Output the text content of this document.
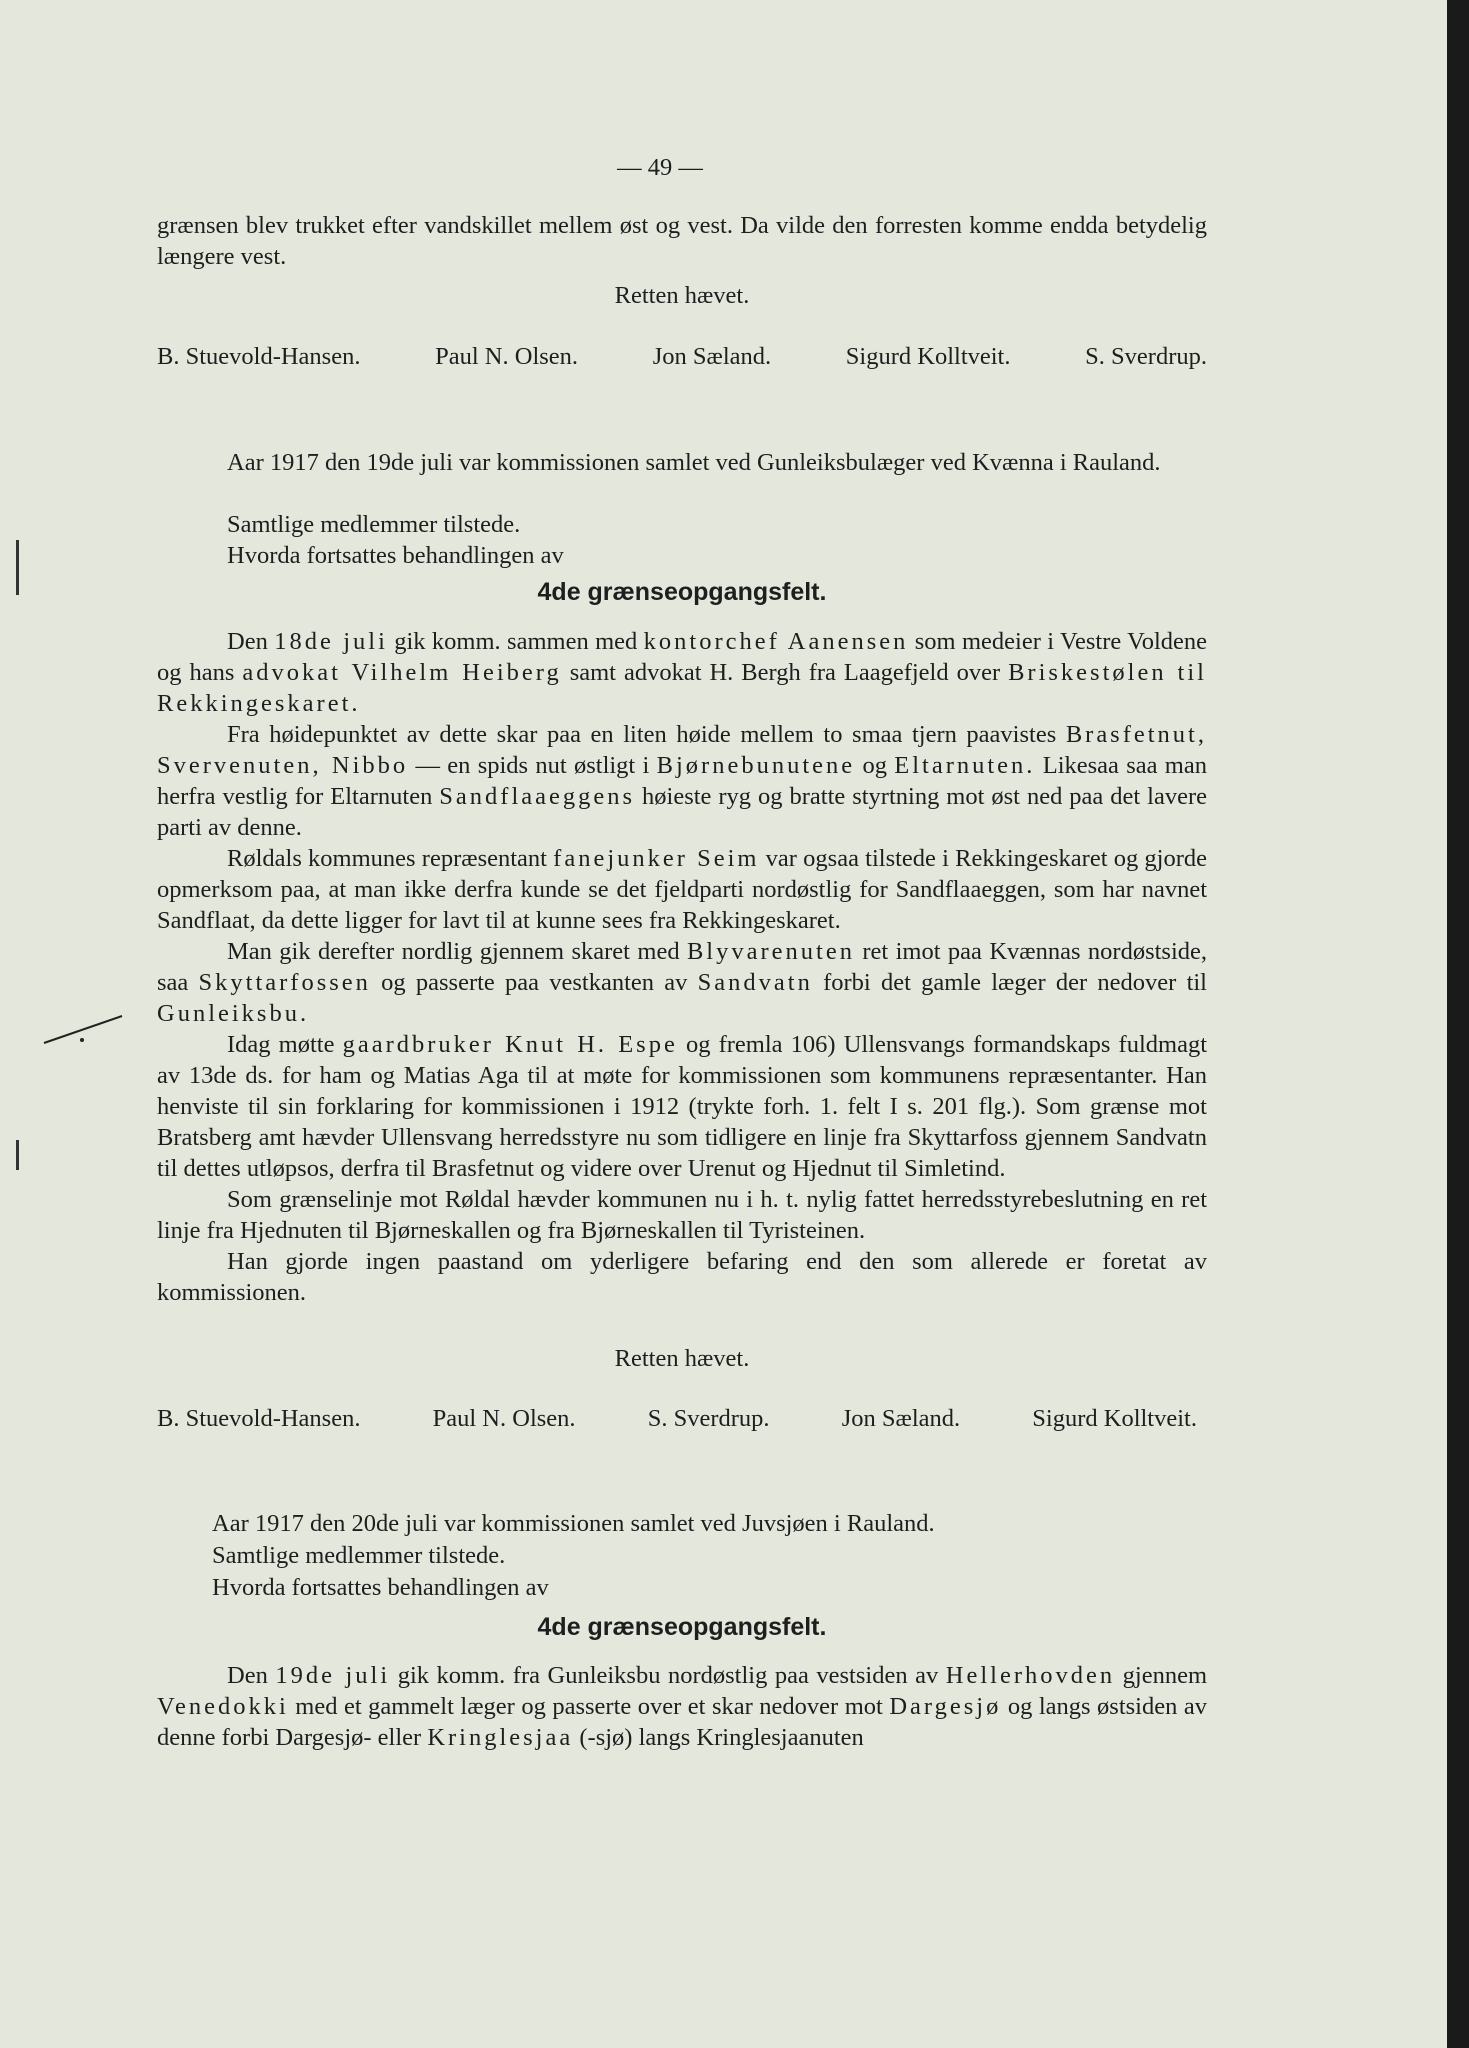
— 49 —

grænsen blev trukket efter vandskillet mellem øst og vest. Da vilde den forresten komme endda betydelig længere vest.

Retten hævet.

B. Stuevold-Hansen.	Paul N. Olsen.	Jon Sæland.	Sigurd Kolltveit.	S. Sverdrup.

Aar 1917 den 19de juli var kommissionen samlet ved Gunleiksbulæger ved Kvænna i Rauland.

Samtlige medlemmer tilstede.

Hvorda fortsattes behandlingen av

4de grænseopgangsfelt.

Den 18de juli gik komm. sammen med kontorchef Aanensen som medeier i Vestre Voldene og hans advokat Vilhelm Heiberg samt advokat H. Bergh fra Laagefjeld over Briskestølen til Rekkingeskaret.

Fra høidepunktet av dette skar paa en liten høide mellem to smaa tjern paavistes Brasfetnut, Svervenuten, Nibbo — en spids nut østligt i Bjørnebunutene og Eltarnuten. Likesaa saa man herfra vestlig for Eltarnuten Sandflaaeggens høieste ryg og bratte styrtning mot øst ned paa det lavere parti av denne.

Røldals kommunes repræsentant fanejunker Seim var ogsaa tilstede i Rekkingeskaret og gjorde opmerksom paa, at man ikke derfra kunde se det fjeldparti nordøstlig for Sandflaaeggen, som har navnet Sandflaat, da dette ligger for lavt til at kunne sees fra Rekkingeskaret.

Man gik derefter nordlig gjennem skaret med Blyvarenuten ret imot paa Kvænnas nordøstside, saa Skyttarfossen og passerte paa vestkanten av Sandvatn forbi det gamle læger der nedover til Gunleiksbu.

Idag møtte gaardbruker Knut H. Espe og fremla 106) Ullensvangs formandskaps fuldmagt av 13de ds. for ham og Matias Aga til at møte for kommissionen som kommunens repræsentanter. Han henviste til sin forklaring for kommissionen i 1912 (trykte forh. 1. felt I s. 201 flg.). Som grænse mot Bratsberg amt hævder Ullensvang herredsstyre nu som tidligere en linje fra Skyttarfoss gjennem Sandvatn til dettes utløpsos, derfra til Brasfetnut og videre over Urenut og Hjednut til Simletind.

Som grænselinje mot Røldal hævder kommunen nu i h. t. nylig fattet herredsstyrebeslutning en ret linje fra Hjednuten til Bjørneskallen og fra Bjørneskallen til Tyristeinen.

Han gjorde ingen paastand om yderligere befaring end den som allerede er foretat av kommissionen.

Retten hævet.

B. Stuevold-Hansen.	Paul N. Olsen.	S. Sverdrup.	Jon Sæland.	Sigurd Kolltveit.

Aar 1917 den 20de juli var kommissionen samlet ved Juvsjøen i Rauland.

Samtlige medlemmer tilstede.

Hvorda fortsattes behandlingen av

4de grænseopgangsfelt.

Den 19de juli gik komm. fra Gunleiksbu nordøstlig paa vestsiden av Hellerhovden gjennem Venedokki med et gammelt læger og passerte over et skar nedover mot Dargesjø og langs østsiden av denne forbi Dargesjø- eller Kringlesjaa (-sjø) langs Kringlesjaanuten
